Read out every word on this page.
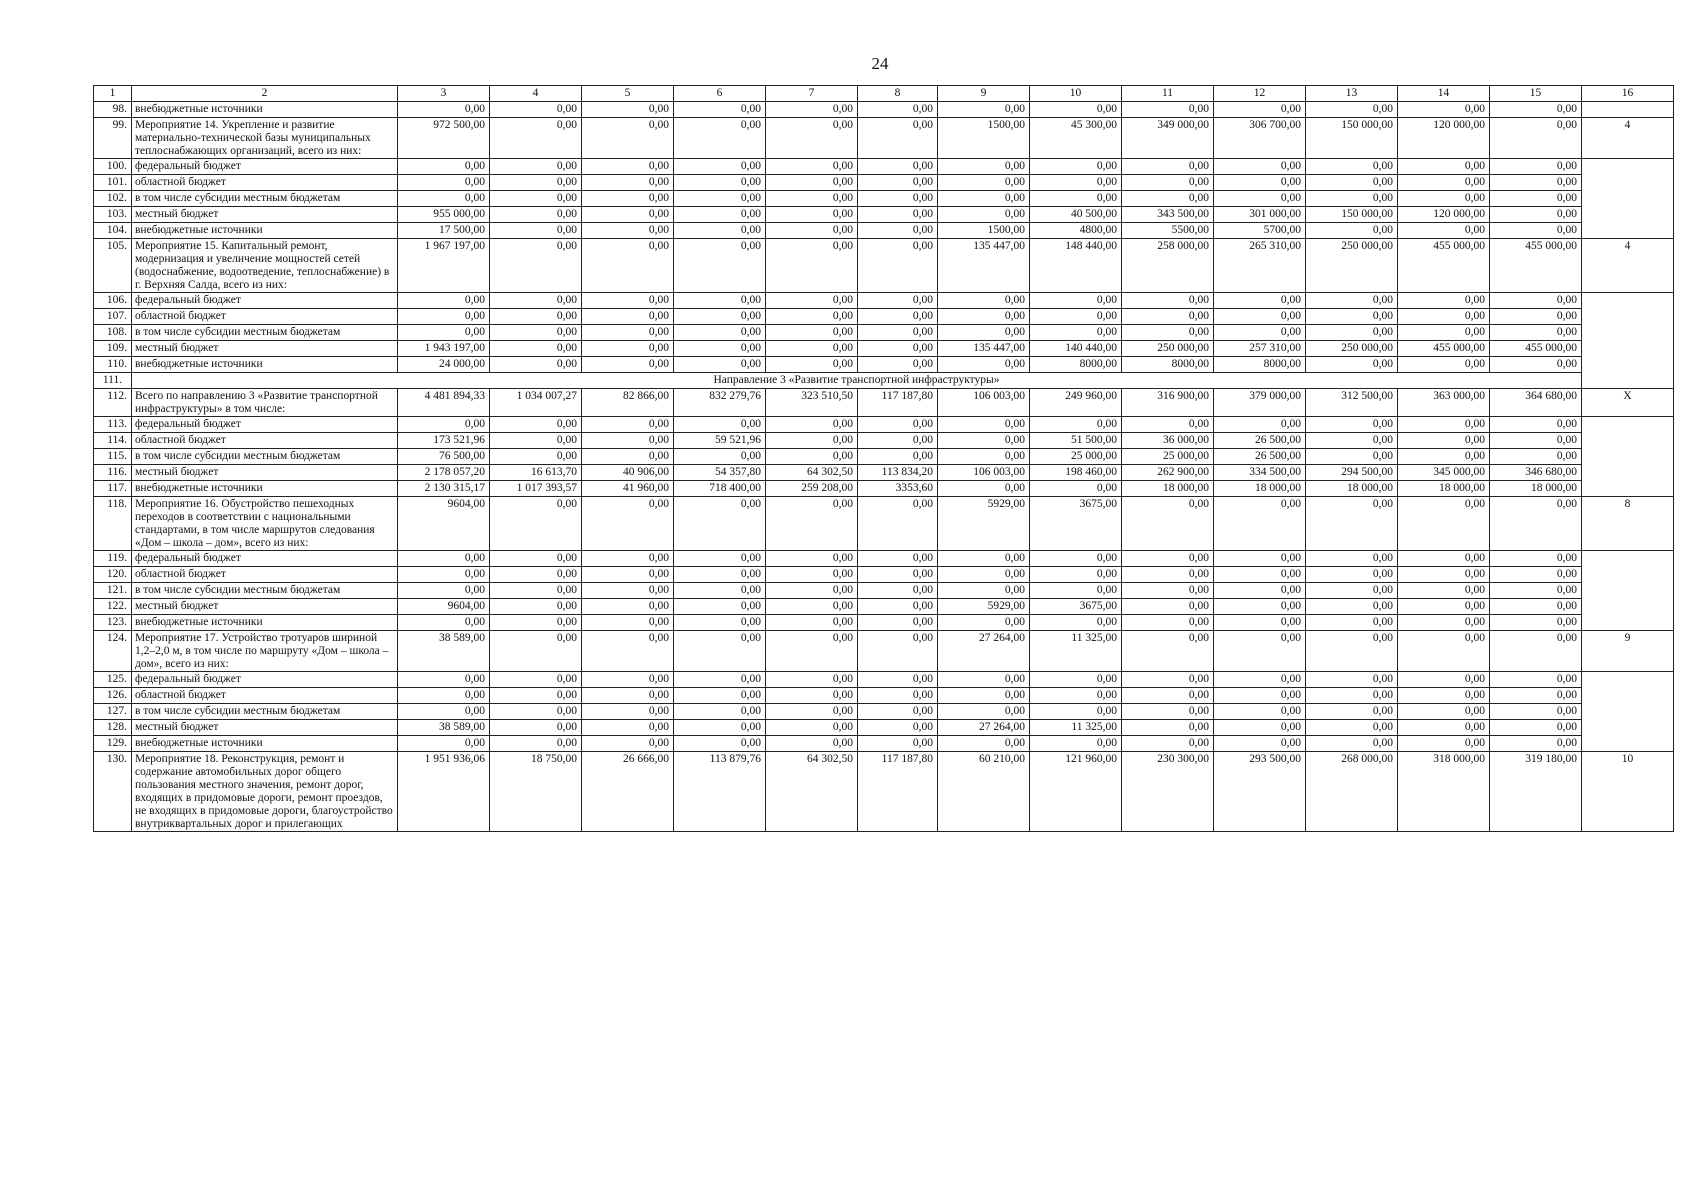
24
1	2	3	4	5	6	7	8	9	10	11	12	13	14	15	16
98.	внебюджетные источники	0,00	0,00	0,00	0,00	0,00	0,00	0,00	0,00	0,00	0,00	0,00	0,00	0,00	
99.	Мероприятие 14. Укрепление и развитие материально-технической базы муниципальных теплоснабжающих организаций, всего из них:	972 500,00	0,00	0,00	0,00	0,00	0,00	1500,00	45 300,00	349 000,00	306 700,00	150 000,00	120 000,00	0,00	4
100.	федеральный бюджет	0,00	0,00	0,00	0,00	0,00	0,00	0,00	0,00	0,00	0,00	0,00	0,00	0,00	
101.	областной бюджет	0,00	0,00	0,00	0,00	0,00	0,00	0,00	0,00	0,00	0,00	0,00	0,00	0,00	
102.	в том числе субсидии местным бюджетам	0,00	0,00	0,00	0,00	0,00	0,00	0,00	0,00	0,00	0,00	0,00	0,00	0,00	
103.	местный бюджет	955 000,00	0,00	0,00	0,00	0,00	0,00	0,00	40 500,00	343 500,00	301 000,00	150 000,00	120 000,00	0,00	
104.	внебюджетные источники	17 500,00	0,00	0,00	0,00	0,00	0,00	1500,00	4800,00	5500,00	5700,00	0,00	0,00	0,00	
105.	Мероприятие 15. Капитальный ремонт, модернизация и увеличение мощностей сетей (водоснабжение, водоотведение, теплоснабжение) в г. Верхняя Салда, всего из них:	1 967 197,00	0,00	0,00	0,00	0,00	0,00	135 447,00	148 440,00	258 000,00	265 310,00	250 000,00	455 000,00	455 000,00	4
106.	федеральный бюджет	0,00	0,00	0,00	0,00	0,00	0,00	0,00	0,00	0,00	0,00	0,00	0,00	0,00	
107.	областной бюджет	0,00	0,00	0,00	0,00	0,00	0,00	0,00	0,00	0,00	0,00	0,00	0,00	0,00	
108.	в том числе субсидии местным бюджетам	0,00	0,00	0,00	0,00	0,00	0,00	0,00	0,00	0,00	0,00	0,00	0,00	0,00	
109.	местный бюджет	1 943 197,00	0,00	0,00	0,00	0,00	0,00	135 447,00	140 440,00	250 000,00	257 310,00	250 000,00	455 000,00	455 000,00	
110.	внебюджетные источники	24 000,00	0,00	0,00	0,00	0,00	0,00	0,00	8000,00	8000,00	8000,00	0,00	0,00	0,00	
111.	Направление 3 «Развитие транспортной инфраструктуры»														
112.	Всего по направлению 3 «Развитие транспортной инфраструктуры» в том числе:	4 481 894,33	1 034 007,27	82 866,00	832 279,76	323 510,50	117 187,80	106 003,00	249 960,00	316 900,00	379 000,00	312 500,00	363 000,00	364 680,00	X
113.	федеральный бюджет	0,00	0,00	0,00	0,00	0,00	0,00	0,00	0,00	0,00	0,00	0,00	0,00	0,00	
114.	областной бюджет	173 521,96	0,00	0,00	59 521,96	0,00	0,00	0,00	51 500,00	36 000,00	26 500,00	0,00	0,00	0,00	
115.	в том числе субсидии местным бюджетам	76 500,00	0,00	0,00	0,00	0,00	0,00	0,00	25 000,00	25 000,00	26 500,00	0,00	0,00	0,00	
116.	местный бюджет	2 178 057,20	16 613,70	40 906,00	54 357,80	64 302,50	113 834,20	106 003,00	198 460,00	262 900,00	334 500,00	294 500,00	345 000,00	346 680,00	
117.	внебюджетные источники	2 130 315,17	1 017 393,57	41 960,00	718 400,00	259 208,00	3353,60	0,00	0,00	18 000,00	18 000,00	18 000,00	18 000,00	18 000,00	
118.	Мероприятие 16. Обустройство пешеходных переходов в соответствии с национальными стандартами, в том числе маршрутов следования «Дом – школа – дом», всего из них:	9604,00	0,00	0,00	0,00	0,00	0,00	5929,00	3675,00	0,00	0,00	0,00	0,00	0,00	8
119.	федеральный бюджет	0,00	0,00	0,00	0,00	0,00	0,00	0,00	0,00	0,00	0,00	0,00	0,00	0,00	
120.	областной бюджет	0,00	0,00	0,00	0,00	0,00	0,00	0,00	0,00	0,00	0,00	0,00	0,00	0,00	
121.	в том числе субсидии местным бюджетам	0,00	0,00	0,00	0,00	0,00	0,00	0,00	0,00	0,00	0,00	0,00	0,00	0,00	
122.	местный бюджет	9604,00	0,00	0,00	0,00	0,00	0,00	5929,00	3675,00	0,00	0,00	0,00	0,00	0,00	
123.	внебюджетные источники	0,00	0,00	0,00	0,00	0,00	0,00	0,00	0,00	0,00	0,00	0,00	0,00	0,00	
124.	Мероприятие 17. Устройство тротуаров шириной 1,2–2,0 м, в том числе по маршруту «Дом – школа – дом», всего из них:	38 589,00	0,00	0,00	0,00	0,00	0,00	27 264,00	11 325,00	0,00	0,00	0,00	0,00	0,00	9
125.	федеральный бюджет	0,00	0,00	0,00	0,00	0,00	0,00	0,00	0,00	0,00	0,00	0,00	0,00	0,00	
126.	областной бюджет	0,00	0,00	0,00	0,00	0,00	0,00	0,00	0,00	0,00	0,00	0,00	0,00	0,00	
127.	в том числе субсидии местным бюджетам	0,00	0,00	0,00	0,00	0,00	0,00	0,00	0,00	0,00	0,00	0,00	0,00	0,00	
128.	местный бюджет	38 589,00	0,00	0,00	0,00	0,00	0,00	27 264,00	11 325,00	0,00	0,00	0,00	0,00	0,00	
129.	внебюджетные источники	0,00	0,00	0,00	0,00	0,00	0,00	0,00	0,00	0,00	0,00	0,00	0,00	0,00	
130.	Мероприятие 18. Реконструкция, ремонт и содержание автомобильных дорог общего пользования местного значения, ремонт дорог, входящих в придомовые дороги, ремонт проездов, не входящих в придомовые дороги, благоустройство внутриквартальных дорог и прилегающих	1 951 936,06	18 750,00	26 666,00	113 879,76	64 302,50	117 187,80	60 210,00	121 960,00	230 300,00	293 500,00	268 000,00	318 000,00	319 180,00	10
